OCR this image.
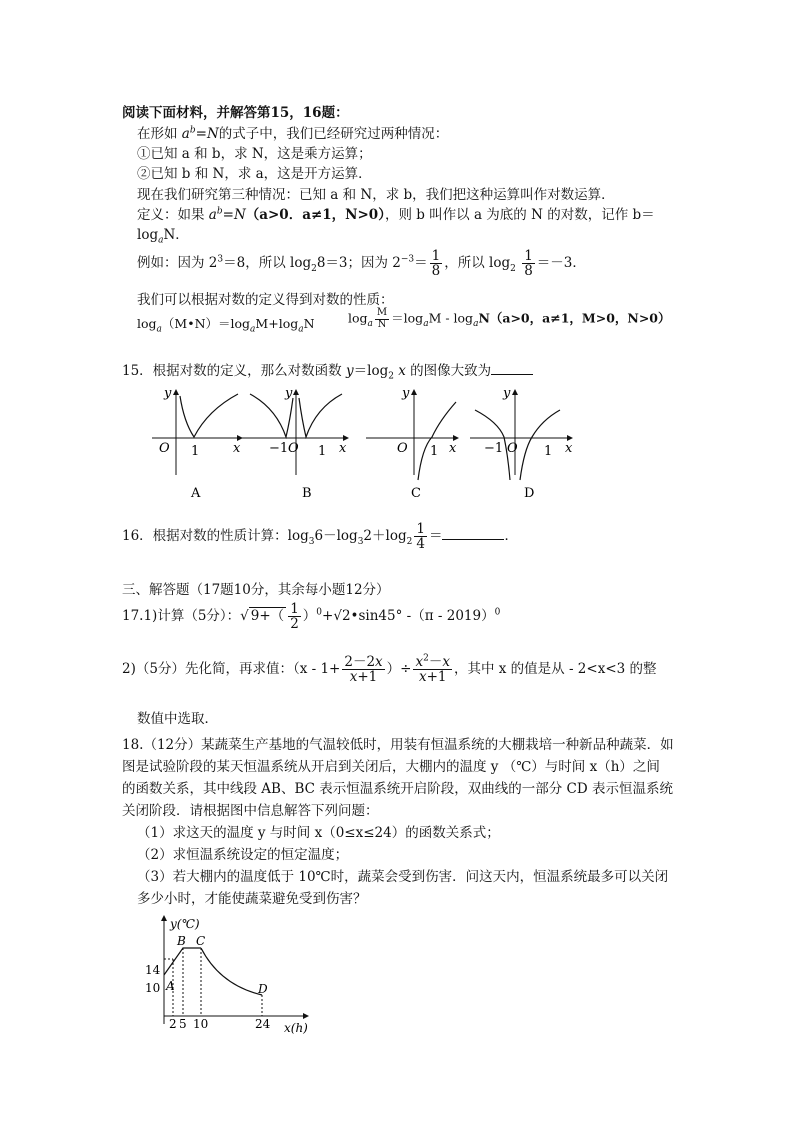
阅读下面材料，并解答第15，16题：
在形如 $a^b=N$的式子中，我们已经研究过两种情况：
①已知 a 和 b，求 N，这是乘方运算；
②已知 b 和 N，求 a，这是开方运算．
现在我们研究第三种情况：已知 a 和 N，求 b，我们把这种运算叫作对数运算．
定义：如果 $a^b=N(a>0$．a≠1，N>0），则 b 叫作以 a 为底的 N 的对数，记作 b＝
$\log_aN$．
例如：因为 $2^3=8$，所以 $\log_28=3$；因为 $2^{-3}= \frac{1}{8}$ ，所以 $\log_2 \frac{1}{8} =-3$．
我们可以根据对数的定义得到对数的性质：
$\log_a(M•N)=\log_aM+\log_aN$	$\log_a \frac{M}{N} =\log_aM - \log_aN(a>0$，a≠1，M>0，N>0）
15．根据对数的定义，那么对数函数 $y=\log_2$ x 的图像大致为
y
x
O 1
A
y
x
O
−1 1
B
y
x
O 1
C
y
x
O
−1	1
D
16．根据对数的性质计算：$\log_36-\log_32+\log_2 \frac{1}{4}$ ＝	．
三、解答题（17题10分，其余每小题12分）
17.1)计算（5分）：√ $9+( \frac{1}{2}$ ）$^0+√2•\sin 45^\circ$ -（π - 2019）$^0$
2)（5分）先化简，再求值：（$x - 1+ \frac{2-2x}{x+1}$ ）÷ $\frac{x^2-x}{x+1}$ ，其中 x 的值是从 - 2<x<3 的整
数值中选取．
18.（12分）某蔬菜生产基地的气温较低时，用装有恒温系统的大棚栽培一种新品种蔬菜．如
图是试验阶段的某天恒温系统从开启到关闭后，大棚内的温度 y （℃）与时间 x（h）之间
的函数关系，其中线段 AB、BC 表示恒温系统开启阶段，双曲线的一部分 CD 表示恒温系统
关闭阶段．请根据图中信息解答下列问题：
（1）求这天的温度 y 与时间 x（0≤x≤24）的函数关系式；
（2）求恒温系统设定的恒定温度；
（3）若大棚内的温度低于 10℃时，蔬菜会受到伤害．问这天内，恒温系统最多可以关闭
多少小时，才能使蔬菜避免受到伤害？
y(℃)
x(h)
A
B C
D
14
10
2 5 10	24
